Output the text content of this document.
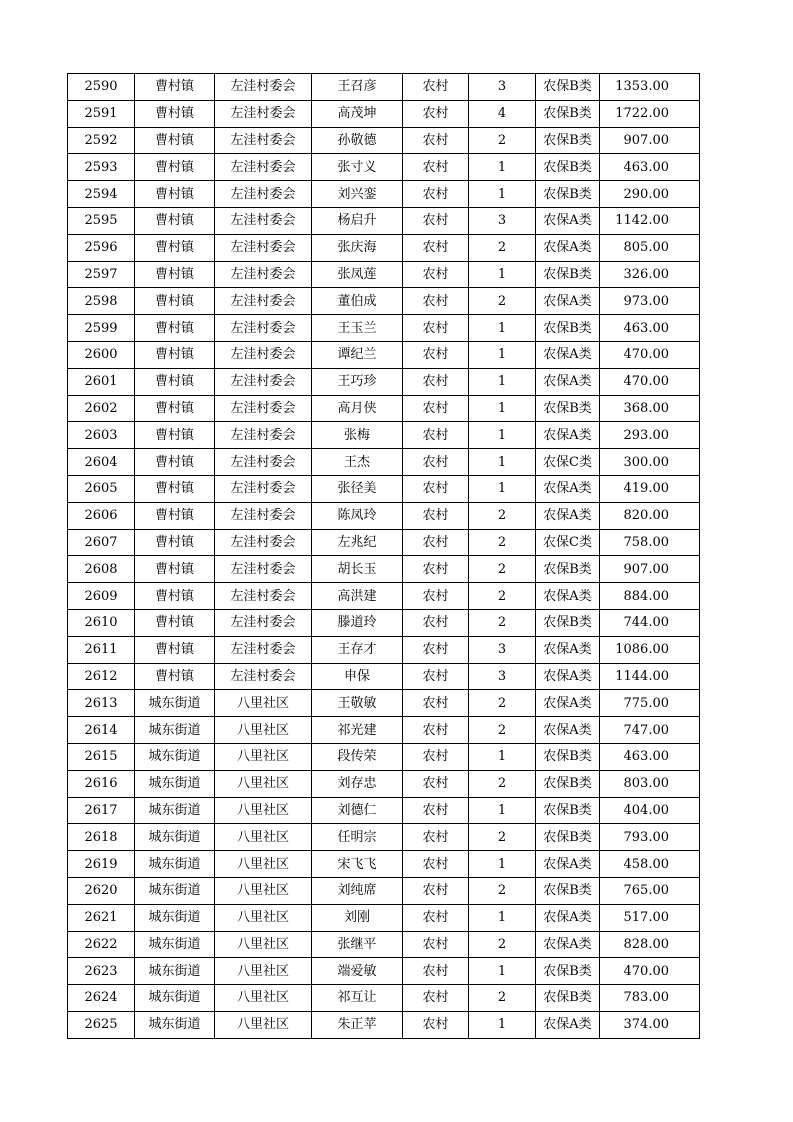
2590	曹村镇	左洼村委会	王召彦	农村	3	农保B类	1353.00
2591	曹村镇	左洼村委会	高茂坤	农村	4	农保B类	1722.00
2592	曹村镇	左洼村委会	孙敬德	农村	2	农保B类	907.00
2593	曹村镇	左洼村委会	张寸义	农村	1	农保B类	463.00
2594	曹村镇	左洼村委会	刘兴銮	农村	1	农保B类	290.00
2595	曹村镇	左洼村委会	杨启升	农村	3	农保A类	1142.00
2596	曹村镇	左洼村委会	张庆海	农村	2	农保A类	805.00
2597	曹村镇	左洼村委会	张凤莲	农村	1	农保B类	326.00
2598	曹村镇	左洼村委会	董伯成	农村	2	农保A类	973.00
2599	曹村镇	左洼村委会	王玉兰	农村	1	农保B类	463.00
2600	曹村镇	左洼村委会	谭纪兰	农村	1	农保A类	470.00
2601	曹村镇	左洼村委会	王巧珍	农村	1	农保A类	470.00
2602	曹村镇	左洼村委会	高月侠	农村	1	农保B类	368.00
2603	曹村镇	左洼村委会	张梅	农村	1	农保A类	293.00
2604	曹村镇	左洼村委会	王杰	农村	1	农保C类	300.00
2605	曹村镇	左洼村委会	张径美	农村	1	农保A类	419.00
2606	曹村镇	左洼村委会	陈凤玲	农村	2	农保A类	820.00
2607	曹村镇	左洼村委会	左兆纪	农村	2	农保C类	758.00
2608	曹村镇	左洼村委会	胡长玉	农村	2	农保B类	907.00
2609	曹村镇	左洼村委会	高洪建	农村	2	农保A类	884.00
2610	曹村镇	左洼村委会	滕道玲	农村	2	农保B类	744.00
2611	曹村镇	左洼村委会	王存才	农村	3	农保A类	1086.00
2612	曹村镇	左洼村委会	申保	农村	3	农保A类	1144.00
2613	城东街道	八里社区	王敬敏	农村	2	农保A类	775.00
2614	城东街道	八里社区	祁光建	农村	2	农保A类	747.00
2615	城东街道	八里社区	段传荣	农村	1	农保B类	463.00
2616	城东街道	八里社区	刘存忠	农村	2	农保B类	803.00
2617	城东街道	八里社区	刘德仁	农村	1	农保B类	404.00
2618	城东街道	八里社区	任明宗	农村	2	农保B类	793.00
2619	城东街道	八里社区	宋飞飞	农村	1	农保A类	458.00
2620	城东街道	八里社区	刘纯席	农村	2	农保B类	765.00
2621	城东街道	八里社区	刘刚	农村	1	农保A类	517.00
2622	城东街道	八里社区	张继平	农村	2	农保A类	828.00
2623	城东街道	八里社区	端爱敏	农村	1	农保B类	470.00
2624	城东街道	八里社区	祁互让	农村	2	农保B类	783.00
2625	城东街道	八里社区	朱正苹	农村	1	农保A类	374.00
